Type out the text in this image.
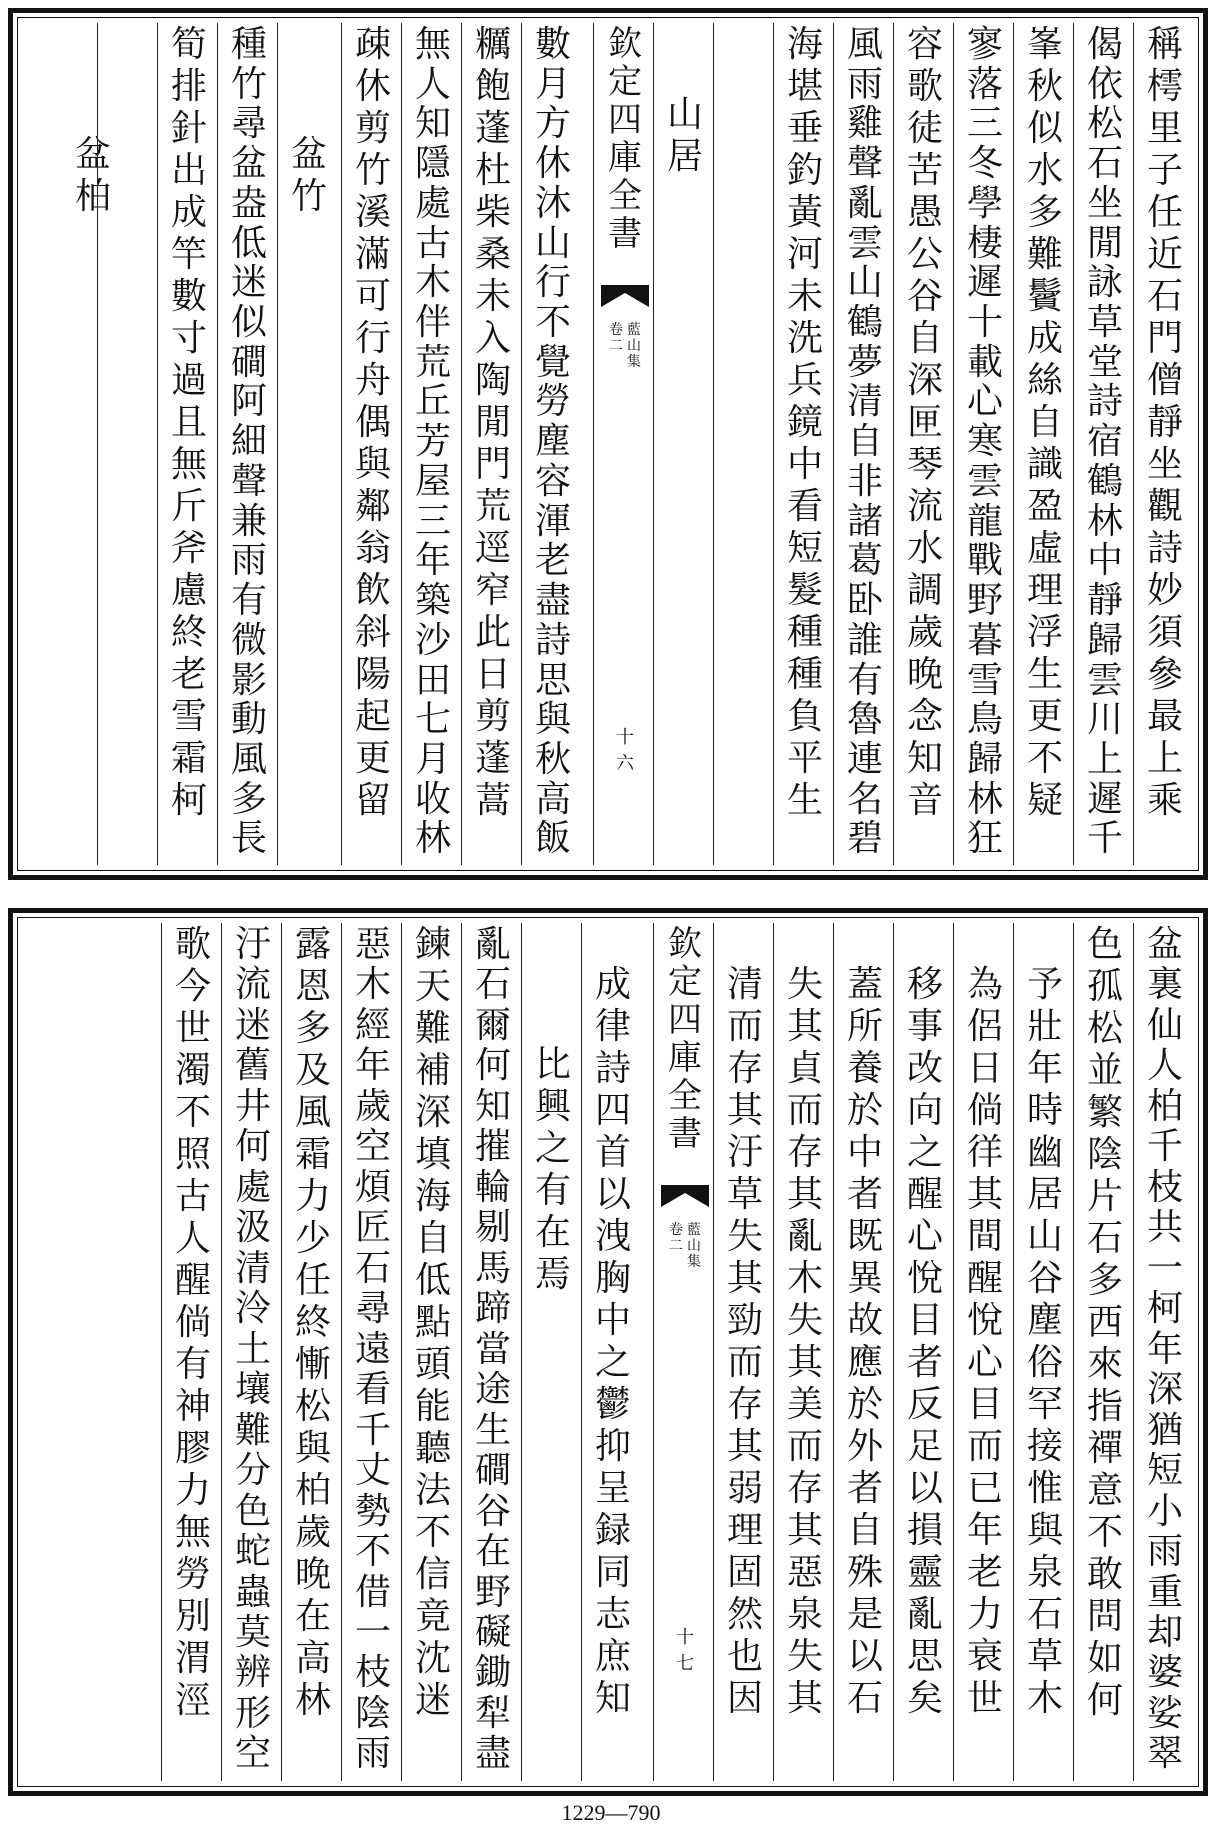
稱
樗
里
子
任
近
石
門
僧
靜
坐
觀
詩
妙
須
參
最
上
乘
偈
依
松
石
坐
閒
詠
草
堂
詩
宿
鶴
林
中
靜
歸
雲
川
上
遲
千
峯
秋
似
水
多
難
鬢
成
絲
自
識
盈
虛
理
浮
生
更
不
疑
寥
落
三
冬
學
棲
遲
十
載
心
寒
雲
龍
戰
野
暮
雪
鳥
歸
林
狂
容
歌
徒
苦
愚
公
谷
自
深
匣
琴
流
水
調
歲
晚
念
知
音
風
雨
雞
聲
亂
雲
山
鶴
夢
清
自
非
諸
葛
卧
誰
有
魯
連
名
碧
海
堪
垂
釣
黃
河
未
洗
兵
鏡
中
看
短
髮
種
種
負
平
生
山
居
欽
定
四
庫
全
書
藍
山
集
卷
二
十六
數
月
方
休
沐
山
行
不
覺
勞
塵
容
渾
老
盡
詩
思
與
秋
高
飯
糲
飽
蓬
杜
柴
桑
未
入
陶
閒
門
荒
逕
窄
此
日
剪
蓬
蒿
無
人
知
隱
處
古
木
伴
荒
丘
芳
屋
三
年
築
沙
田
七
月
收
林
疎
休
剪
竹
溪
滿
可
行
舟
偶
與
鄰
翁
飲
斜
陽
起
更
留
盆
竹
種
竹
尋
盆
盎
低
迷
似
磵
阿
細
聲
兼
雨
有
微
影
動
風
多
長
筍
排
針
出
成
竿
數
寸
過
且
無
斤
斧
慮
終
老
雪
霜
柯
盆
柏
盆
裏
仙
人
柏
千
枝
共
一
柯
年
深
猶
短
小
雨
重
却
婆
娑
翠
色
孤
松
並
繁
陰
片
石
多
西
來
指
禪
意
不
敢
問
如
何
予
壯
年
時
幽
居
山
谷
塵
俗
罕
接
惟
與
泉
石
草
木
為
侶
日
倘
徉
其
間
醒
悅
心
目
而
已
年
老
力
衰
世
移
事
改
向
之
醒
心
悅
目
者
反
足
以
損
靈
亂
思
矣
蓋
所
養
於
中
者
既
異
故
應
於
外
者
自
殊
是
以
石
失
其
貞
而
存
其
亂
木
失
其
美
而
存
其
惡
泉
失
其
清
而
存
其
汙
草
失
其
勁
而
存
其
弱
理
固
然
也
因
欽
定
四
庫
全
書
藍
山
集
卷
二
十七
成
律
詩
四
首
以
洩
胸
中
之
鬱
抑
呈
録
同
志
庶
知
比
興
之
有
在
焉
亂
石
爾
何
知
摧
輪
剔
馬
蹄
當
途
生
磵
谷
在
野
礙
鋤
犁
盡
鍊
天
難
補
深
填
海
自
低
點
頭
能
聽
法
不
信
竟
沈
迷
惡
木
經
年
歲
空
煩
匠
石
尋
遠
看
千
丈
勢
不
借
一
枝
陰
雨
露
恩
多
及
風
霜
力
少
任
終
慚
松
與
柏
歲
晚
在
高
林
汙
流
迷
舊
井
何
處
汲
清
泠
土
壤
難
分
色
蛇
蟲
莫
辨
形
空
歌
今
世
濁
不
照
古
人
醒
倘
有
神
膠
力
無
勞
別
渭
涇
1229—790
